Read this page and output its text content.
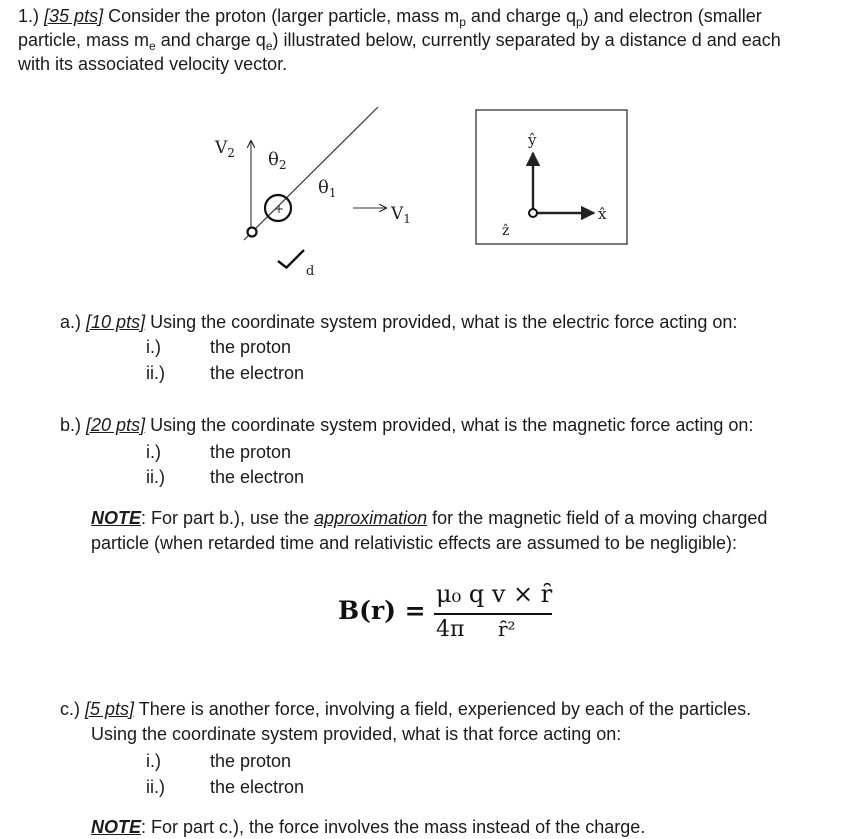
1.) [35 pts] Consider the proton (larger particle, mass $m_p$ and charge $q_p$) and electron (smaller
particle, mass $m_e$ and charge $q_e$) illustrated below, currently separated by a distance d and each
with its associated velocity vector.
+
$V_2$ $\theta_2$
$\theta_1$
$V_1$
d
ŷ
x̂
ẑ
a.) [10 pts] Using the coordinate system provided, what is the electric force acting on:
i.)	the proton
ii.)	the electron
b.) [20 pts] Using the coordinate system provided, what is the magnetic force acting on:
i.)	the proton
ii.)	the electron
NOTE: For part b.), use the approximation for the magnetic field of a moving charged
particle (when retarded time and relativistic effects are assumed to be negligible):
B(r) =
μ₀ q v × ȓ
4π ȓ²
c.) [5 pts] There is another force, involving a field, experienced by each of the particles.
Using the coordinate system provided, what is that force acting on:
i.)	the proton
ii.)	the electron
NOTE: For part c.), the force involves the mass instead of the charge.
